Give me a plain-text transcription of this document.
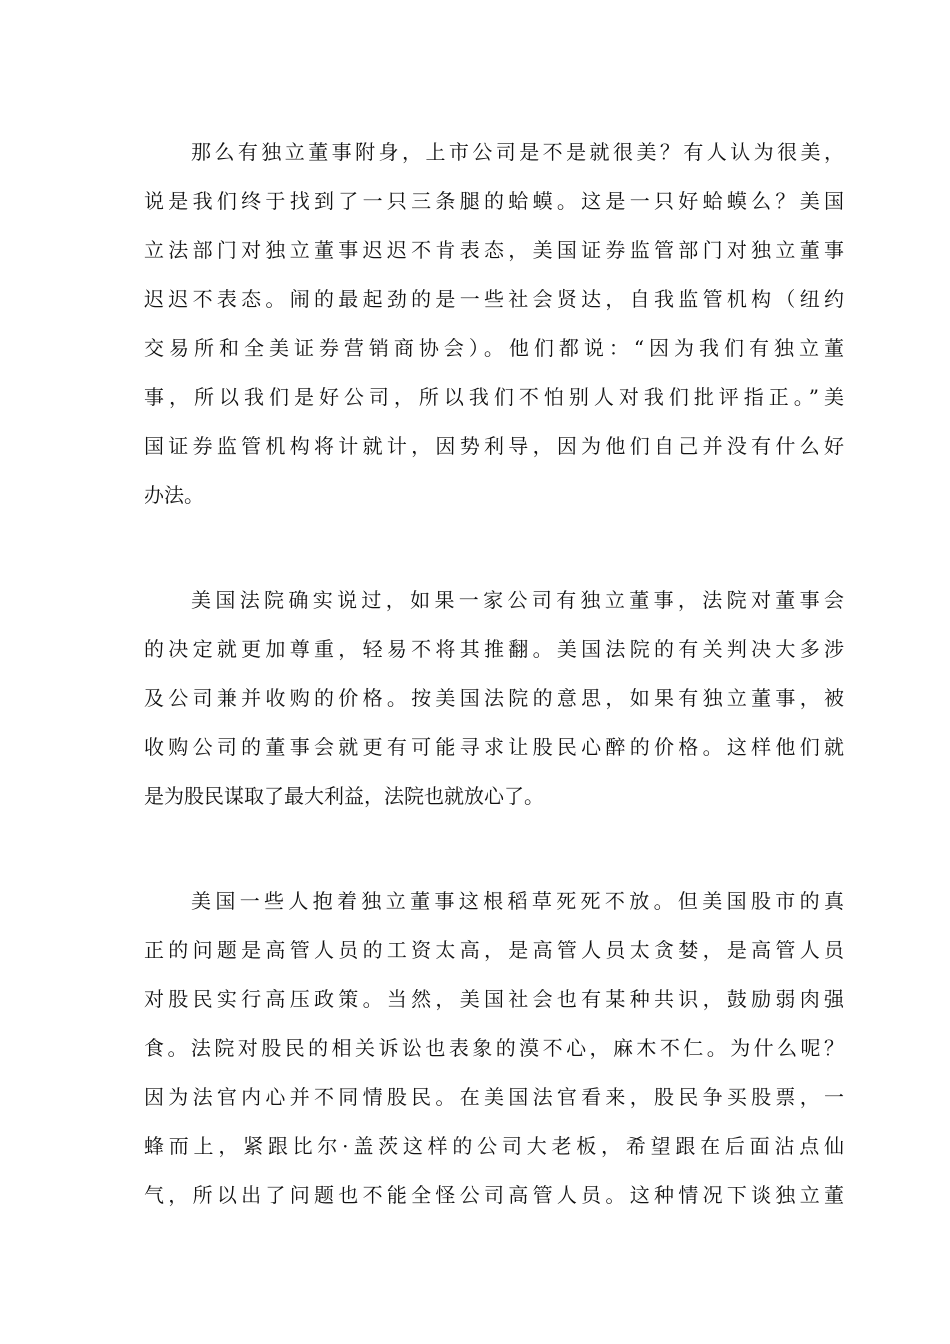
那么有独立董事附身，上市公司是不是就很美？有人认为很美，
说是我们终于找到了一只三条腿的蛤蟆。这是一只好蛤蟆么？美国
立法部门对独立董事迟迟不肯表态，美国证券监管部门对独立董事
迟迟不表态。闹的最起劲的是一些社会贤达，自我监管机构（纽约
交易所和全美证券营销商协会）。他们都说：“因为我们有独立董
事，所以我们是好公司，所以我们不怕别人对我们批评指正。”美
国证券监管机构将计就计，因势利导，因为他们自己并没有什么好
办法。
美国法院确实说过，如果一家公司有独立董事，法院对董事会
的决定就更加尊重，轻易不将其推翻。美国法院的有关判决大多涉
及公司兼并收购的价格。按美国法院的意思，如果有独立董事，被
收购公司的董事会就更有可能寻求让股民心醉的价格。这样他们就
是为股民谋取了最大利益，法院也就放心了。
美国一些人抱着独立董事这根稻草死死不放。但美国股市的真
正的问题是高管人员的工资太高，是高管人员太贪婪，是高管人员
对股民实行高压政策。当然，美国社会也有某种共识，鼓励弱肉强
食。法院对股民的相关诉讼也表象的漠不心，麻木不仁。为什么呢？
因为法官内心并不同情股民。在美国法官看来，股民争买股票，一
蜂而上，紧跟比尔·盖茨这样的公司大老板，希望跟在后面沾点仙
气，所以出了问题也不能全怪公司高管人员。这种情况下谈独立董
